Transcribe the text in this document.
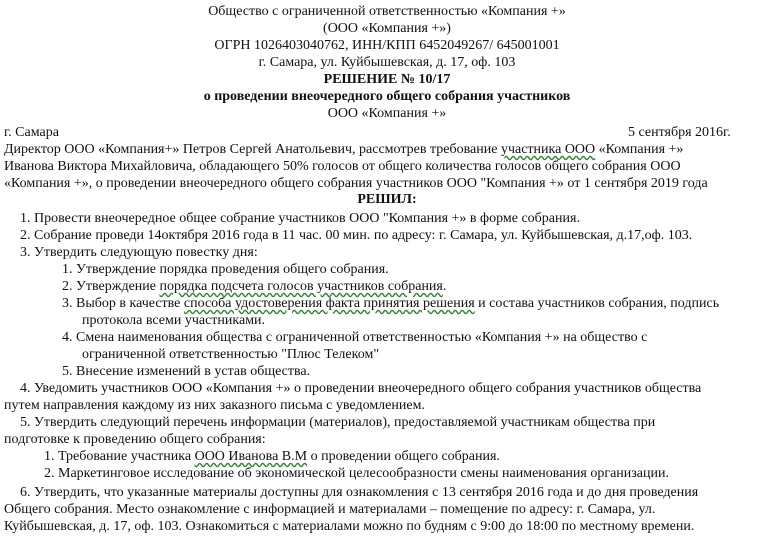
Общество с ограниченной ответственностью «Компания +»
(ООО «Компания +»)
ОГРН 1026403040762, ИНН/КПП 6452049267/ 645001001
г. Самара, ул. Куйбышевская, д. 17, оф. 103
РЕШЕНИЕ № 10/17
о проведении внеочередного общего собрания участников
ООО «Компания +»
г. Самара	5 сентября 2016г.
Директор ООО «Компания+» Петров Сергей Анатольевич, рассмотрев требование участника ООО «Компания +»
Иванова Виктора Михайловича, обладающего 50% голосов от общего количества голосов общего собрания ООО
«Компания +», о проведении внеочередного общего собрания участников ООО "Компания +» от 1 сентября 2019 года
РЕШИЛ:
1. Провести внеочередное общее собрание участников ООО "Компания +» в форме собрания.
2. Собрание проведи 14октября 2016 года в 11 час. 00 мин. по адресу: г. Самара, ул. Куйбышевская, д.17,оф. 103.
3. Утвердить следующую повестку дня:
1. Утверждение порядка проведения общего собрания.
2. Утверждение порядка подсчета голосов участников собрания.
3. Выбор в качестве способа удостоверения факта принятия решения и состава участников собрания, подпись
протокола всеми участниками.
4. Смена наименования общества с ограниченной ответственностью «Компания +» на общество с
ограниченной ответственностью "Плюс Телеком"
5. Внесение изменений в устав общества.
4. Уведомить участников ООО «Компания +» о проведении внеочередного общего собрания участников общества
путем направления каждому из них заказного письма с уведомлением.
5. Утвердить следующий перечень информации (материалов), предоставляемой участникам общества при
подготовке к проведению общего собрания:
1. Требование участника ООО Иванова В.М о проведении общего собрания.
2. Маркетинговое исследование об экономической целесообразности смены наименования организации.
6. Утвердить, что указанные материалы доступны для ознакомления с 13 сентября 2016 года и до дня проведения
Общего собрания. Место ознакомление с информацией и материалами – помещение по адресу: г. Самара, ул.
Куйбышевская, д. 17, оф. 103. Ознакомиться с материалами можно по будням с 9:00 до 18:00 по местному времени.
